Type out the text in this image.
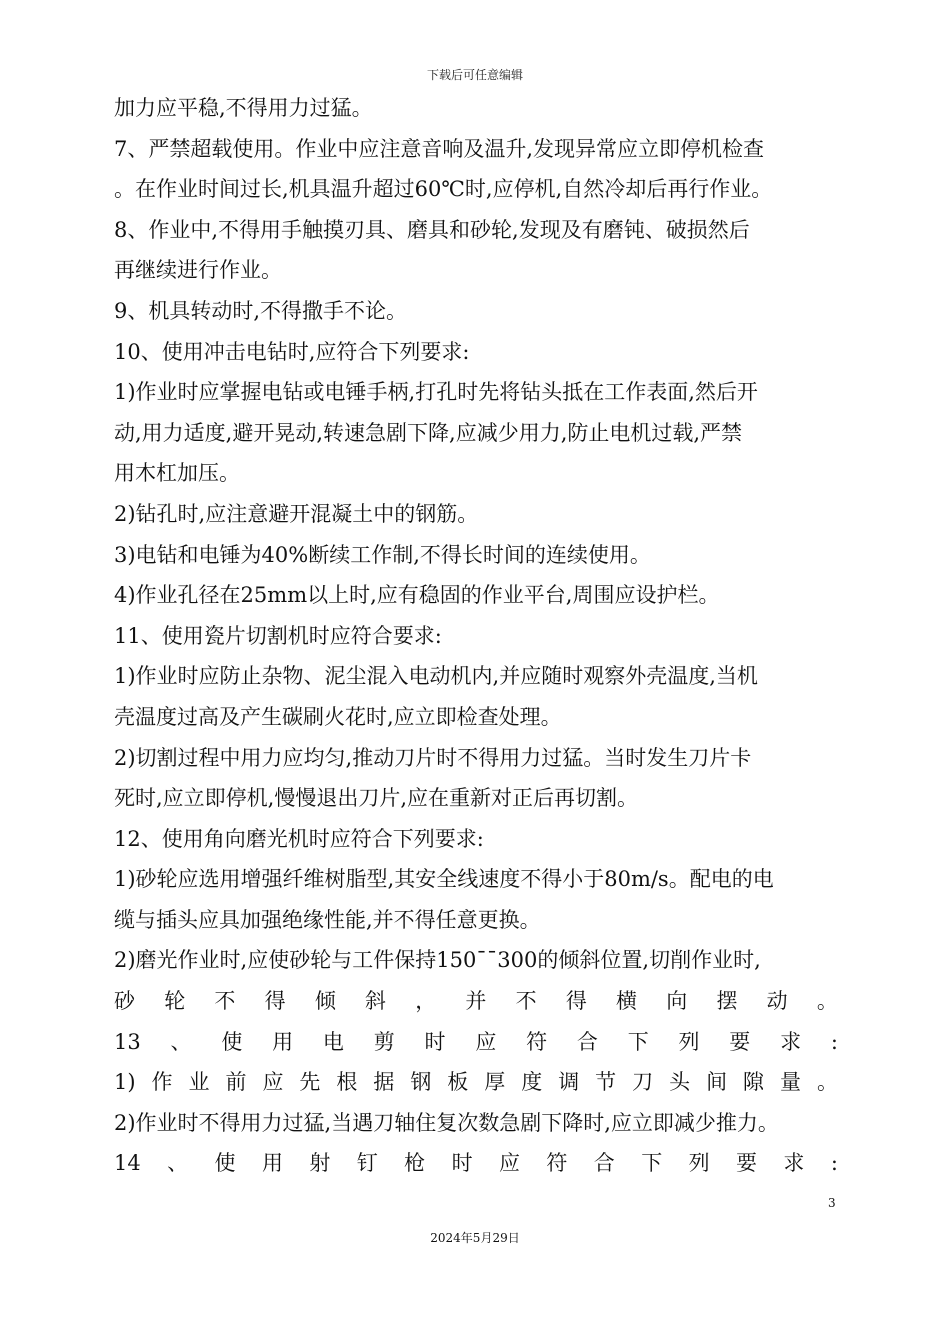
下载后可任意编辑
加力应平稳,不得用力过猛。
7、严禁超载使用。作业中应注意音响及温升,发现异常应立即停机检查
。在作业时间过长,机具温升超过60℃时,应停机,自然冷却后再行作业。
8、作业中,不得用手触摸刃具、磨具和砂轮,发现及有磨钝、破损然后
再继续进行作业。
9、机具转动时,不得撒手不论。
10、使用冲击电钻时,应符合下列要求:
1)作业时应掌握电钻或电锤手柄,打孔时先将钻头抵在工作表面,然后开
动,用力适度,避开晃动,转速急剧下降,应减少用力,防止电机过载,严禁
用木杠加压。
2)钻孔时,应注意避开混凝土中的钢筋。
3)电钻和电锤为40%断续工作制,不得长时间的连续使用。
4)作业孔径在25mm以上时,应有稳固的作业平台,周围应设护栏。
11、使用瓷片切割机时应符合要求:
1)作业时应防止杂物、泥尘混入电动机内,并应随时观察外壳温度,当机
壳温度过高及产生碳刷火花时,应立即检查处理。
2)切割过程中用力应均匀,推动刀片时不得用力过猛。当时发生刀片卡
死时,应立即停机,慢慢退出刀片,应在重新对正后再切割。
12、使用角向磨光机时应符合下列要求:
1)砂轮应选用增强纤维树脂型,其安全线速度不得小于80m/s。配电的电
缆与插头应具加强绝缘性能,并不得任意更换。
2)磨光作业时,应使砂轮与工件保持150¯¯300的倾斜位置,切削作业时,
砂 轮 不 得 倾 斜 ， 并 不 得 横 向 摆 动 。
13 、 使 用 电 剪 时 应 符 合 下 列 要 求 :
1) 作 业 前 应 先 根 据 钢 板 厚 度 调 节 刀 头 间 隙 量 。
2)作业时不得用力过猛,当遇刀轴住复次数急剧下降时,应立即减少推力。
14 、 使 用 射 钉 枪 时 应 符 合 下 列 要 求 :
3
2024年5月29日
